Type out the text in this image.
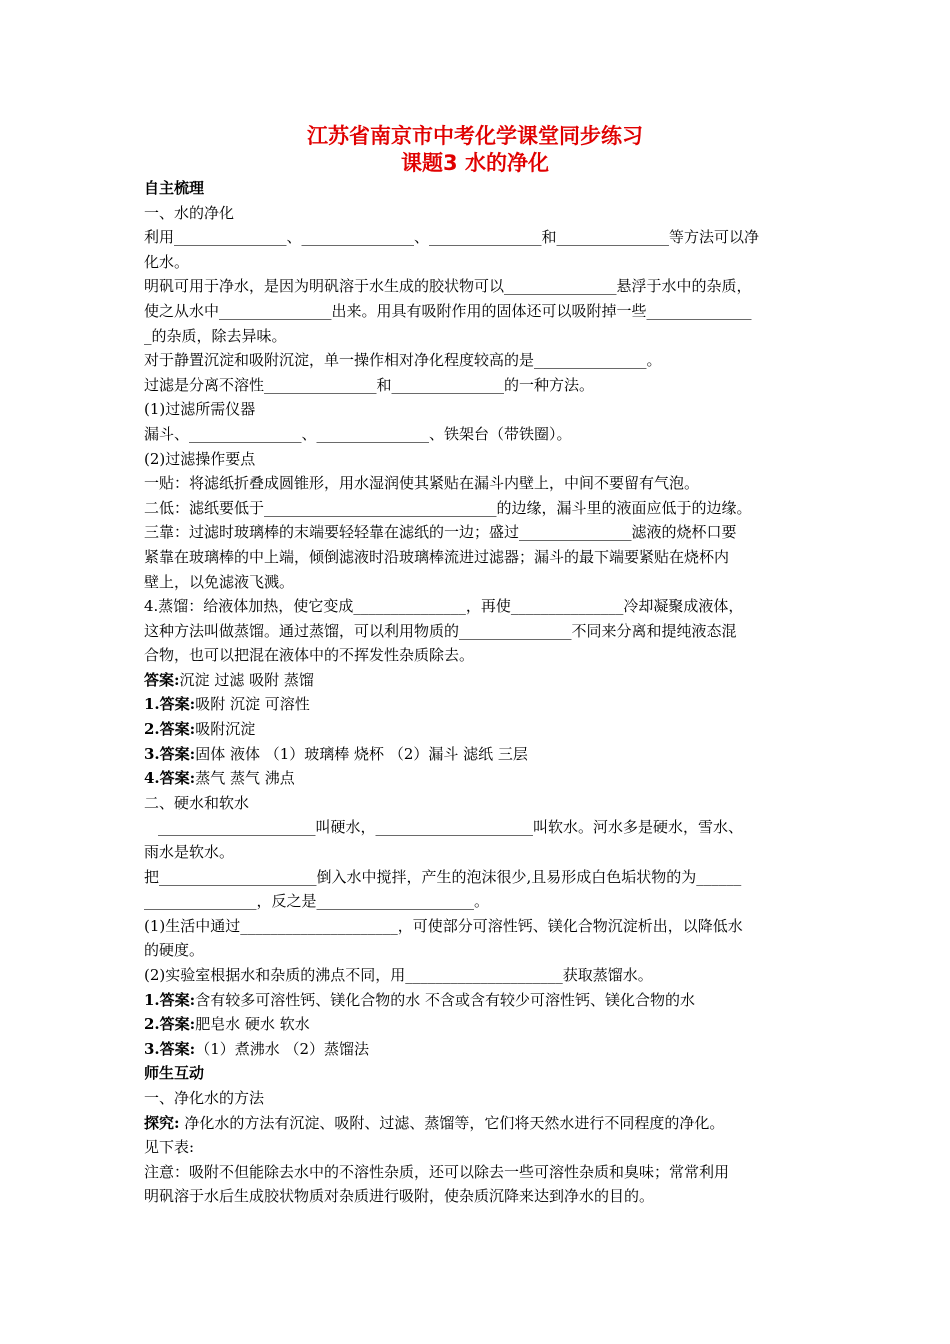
江苏省南京市中考化学课堂同步练习
课题3 水的净化

自主梳理

一、水的净化

利用_______________、_______________、_______________和_______________等方法可以净

化水。

明矾可用于净水，是因为明矾溶于水生成的胶状物可以_______________悬浮于水中的杂质，

使之从水中_______________出来。用具有吸附作用的固体还可以吸附掉一些______________

_的杂质，除去异味。

对于静置沉淀和吸附沉淀，单一操作相对净化程度较高的是_______________。

过滤是分离不溶性_______________和_______________的一种方法。

(1)过滤所需仪器

漏斗、_______________、_______________、铁架台（带铁圈）。

(2)过滤操作要点

一贴：将滤纸折叠成圆锥形，用水湿润使其紧贴在漏斗内壁上，中间不要留有气泡。

二低：滤纸要低于_______________________________的边缘，漏斗里的液面应低于的边缘。

三靠：过滤时玻璃棒的末端要轻轻靠在滤纸的一边；盛过_______________滤液的烧杯口要

紧靠在玻璃棒的中上端，倾倒滤液时沿玻璃棒流进过滤器；漏斗的最下端要紧贴在烧杯内

壁上，以免滤液飞溅。

4.蒸馏：给液体加热，使它变成_______________，再使_______________冷却凝聚成液体，

这种方法叫做蒸馏。通过蒸馏，可以利用物质的_______________不同来分离和提纯液态混

合物，也可以把混在液体中的不挥发性杂质除去。

答案:沉淀 过滤 吸附 蒸馏

1.答案:吸附 沉淀 可溶性

2.答案:吸附沉淀

3.答案:固体 液体 （1）玻璃棒 烧杯 （2）漏斗 滤纸 三层

4.答案:蒸气 蒸气 沸点

二、硬水和软水

_____________________叫硬水，_____________________叫软水。河水多是硬水，雪水、

雨水是软水。

把_____________________倒入水中搅拌，产生的泡沫很少,且易形成白色垢状物的为______

_______________，反之是_____________________。

(1)生活中通过_____________________，可使部分可溶性钙、镁化合物沉淀析出，以降低水

的硬度。

(2)实验室根据水和杂质的沸点不同，用_____________________获取蒸馏水。

1.答案:含有较多可溶性钙、镁化合物的水 不含或含有较少可溶性钙、镁化合物的水

2.答案:肥皂水 硬水 软水

3.答案:（1）煮沸水 （2）蒸馏法

师生互动

一、净化水的方法

探究: 净化水的方法有沉淀、吸附、过滤、蒸馏等，它们将天然水进行不同程度的净化。

见下表:

注意：吸附不但能除去水中的不溶性杂质，还可以除去一些可溶性杂质和臭味；常常利用

明矾溶于水后生成胶状物质对杂质进行吸附，使杂质沉降来达到净水的目的。
